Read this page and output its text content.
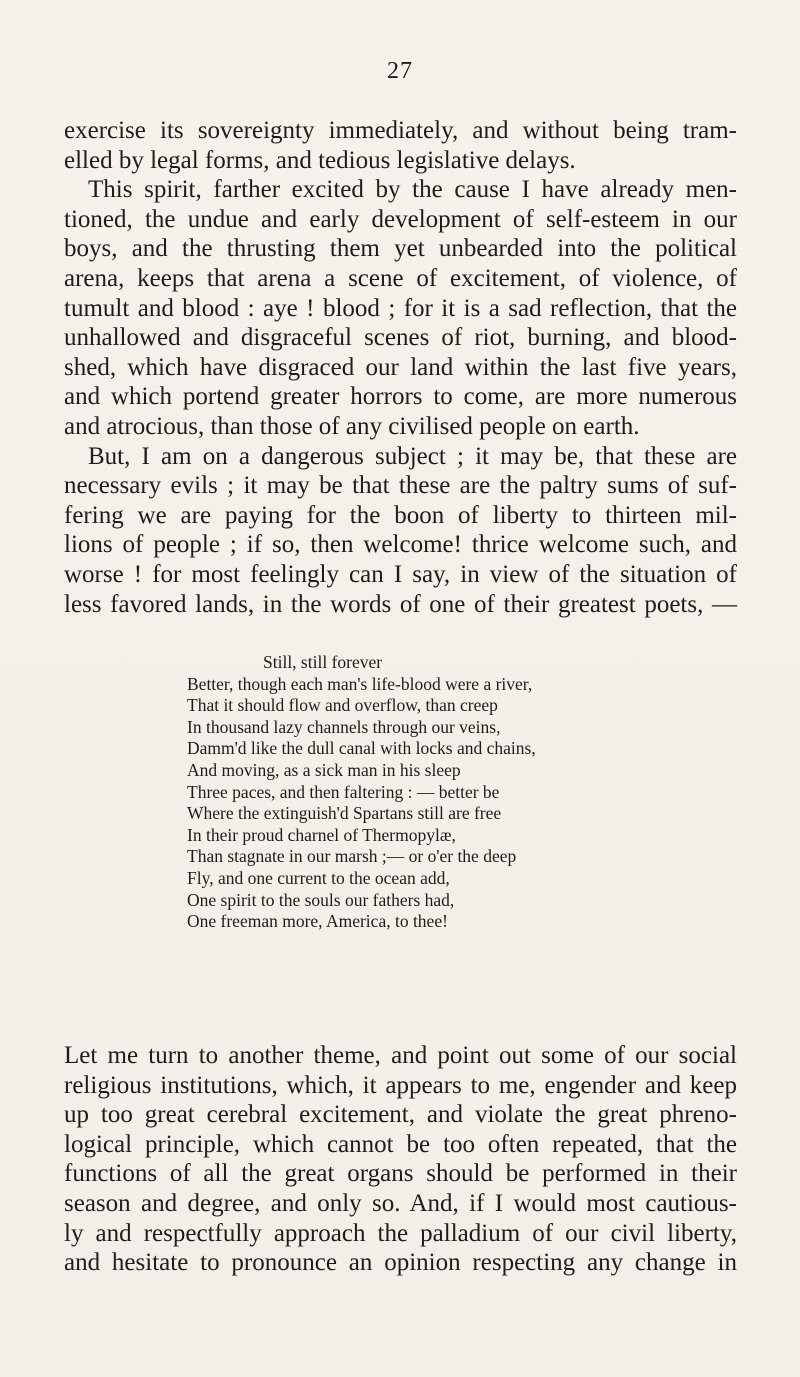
27
exercise its sovereignty immediately, and without being tram-
elled by legal forms, and tedious legislative delays.
This spirit, farther excited by the cause I have already men-
tioned, the undue and early development of self-esteem in our
boys, and the thrusting them yet unbearded into the political
arena, keeps that arena a scene of excitement, of violence, of
tumult and blood : aye ! blood ; for it is a sad reflection, that the
unhallowed and disgraceful scenes of riot, burning, and blood-
shed, which have disgraced our land within the last five years,
and which portend greater horrors to come, are more numerous
and atrocious, than those of any civilised people on earth.
But, I am on a dangerous subject ; it may be, that these are
necessary evils ; it may be that these are the paltry sums of suf-
fering we are paying for the boon of liberty to thirteen mil-
lions of people ; if so, then welcome! thrice welcome such, and
worse ! for most feelingly can I say, in view of the situation of
less favored lands, in the words of one of their greatest poets, —
Still, still forever
Better, though each man's life-blood were a river,
That it should flow and overflow, than creep
In thousand lazy channels through our veins,
Damm'd like the dull canal with locks and chains,
And moving, as a sick man in his sleep
Three paces, and then faltering : — better be
Where the extinguish'd Spartans still are free
In their proud charnel of Thermopylæ,
Than stagnate in our marsh ;— or o'er the deep
Fly, and one current to the ocean add,
One spirit to the souls our fathers had,
One freeman more, America, to thee!
Let me turn to another theme, and point out some of our social
religious institutions, which, it appears to me, engender and keep
up too great cerebral excitement, and violate the great phreno-
logical principle, which cannot be too often repeated, that the
functions of all the great organs should be performed in their
season and degree, and only so. And, if I would most cautious-
ly and respectfully approach the palladium of our civil liberty,
and hesitate to pronounce an opinion respecting any change in
